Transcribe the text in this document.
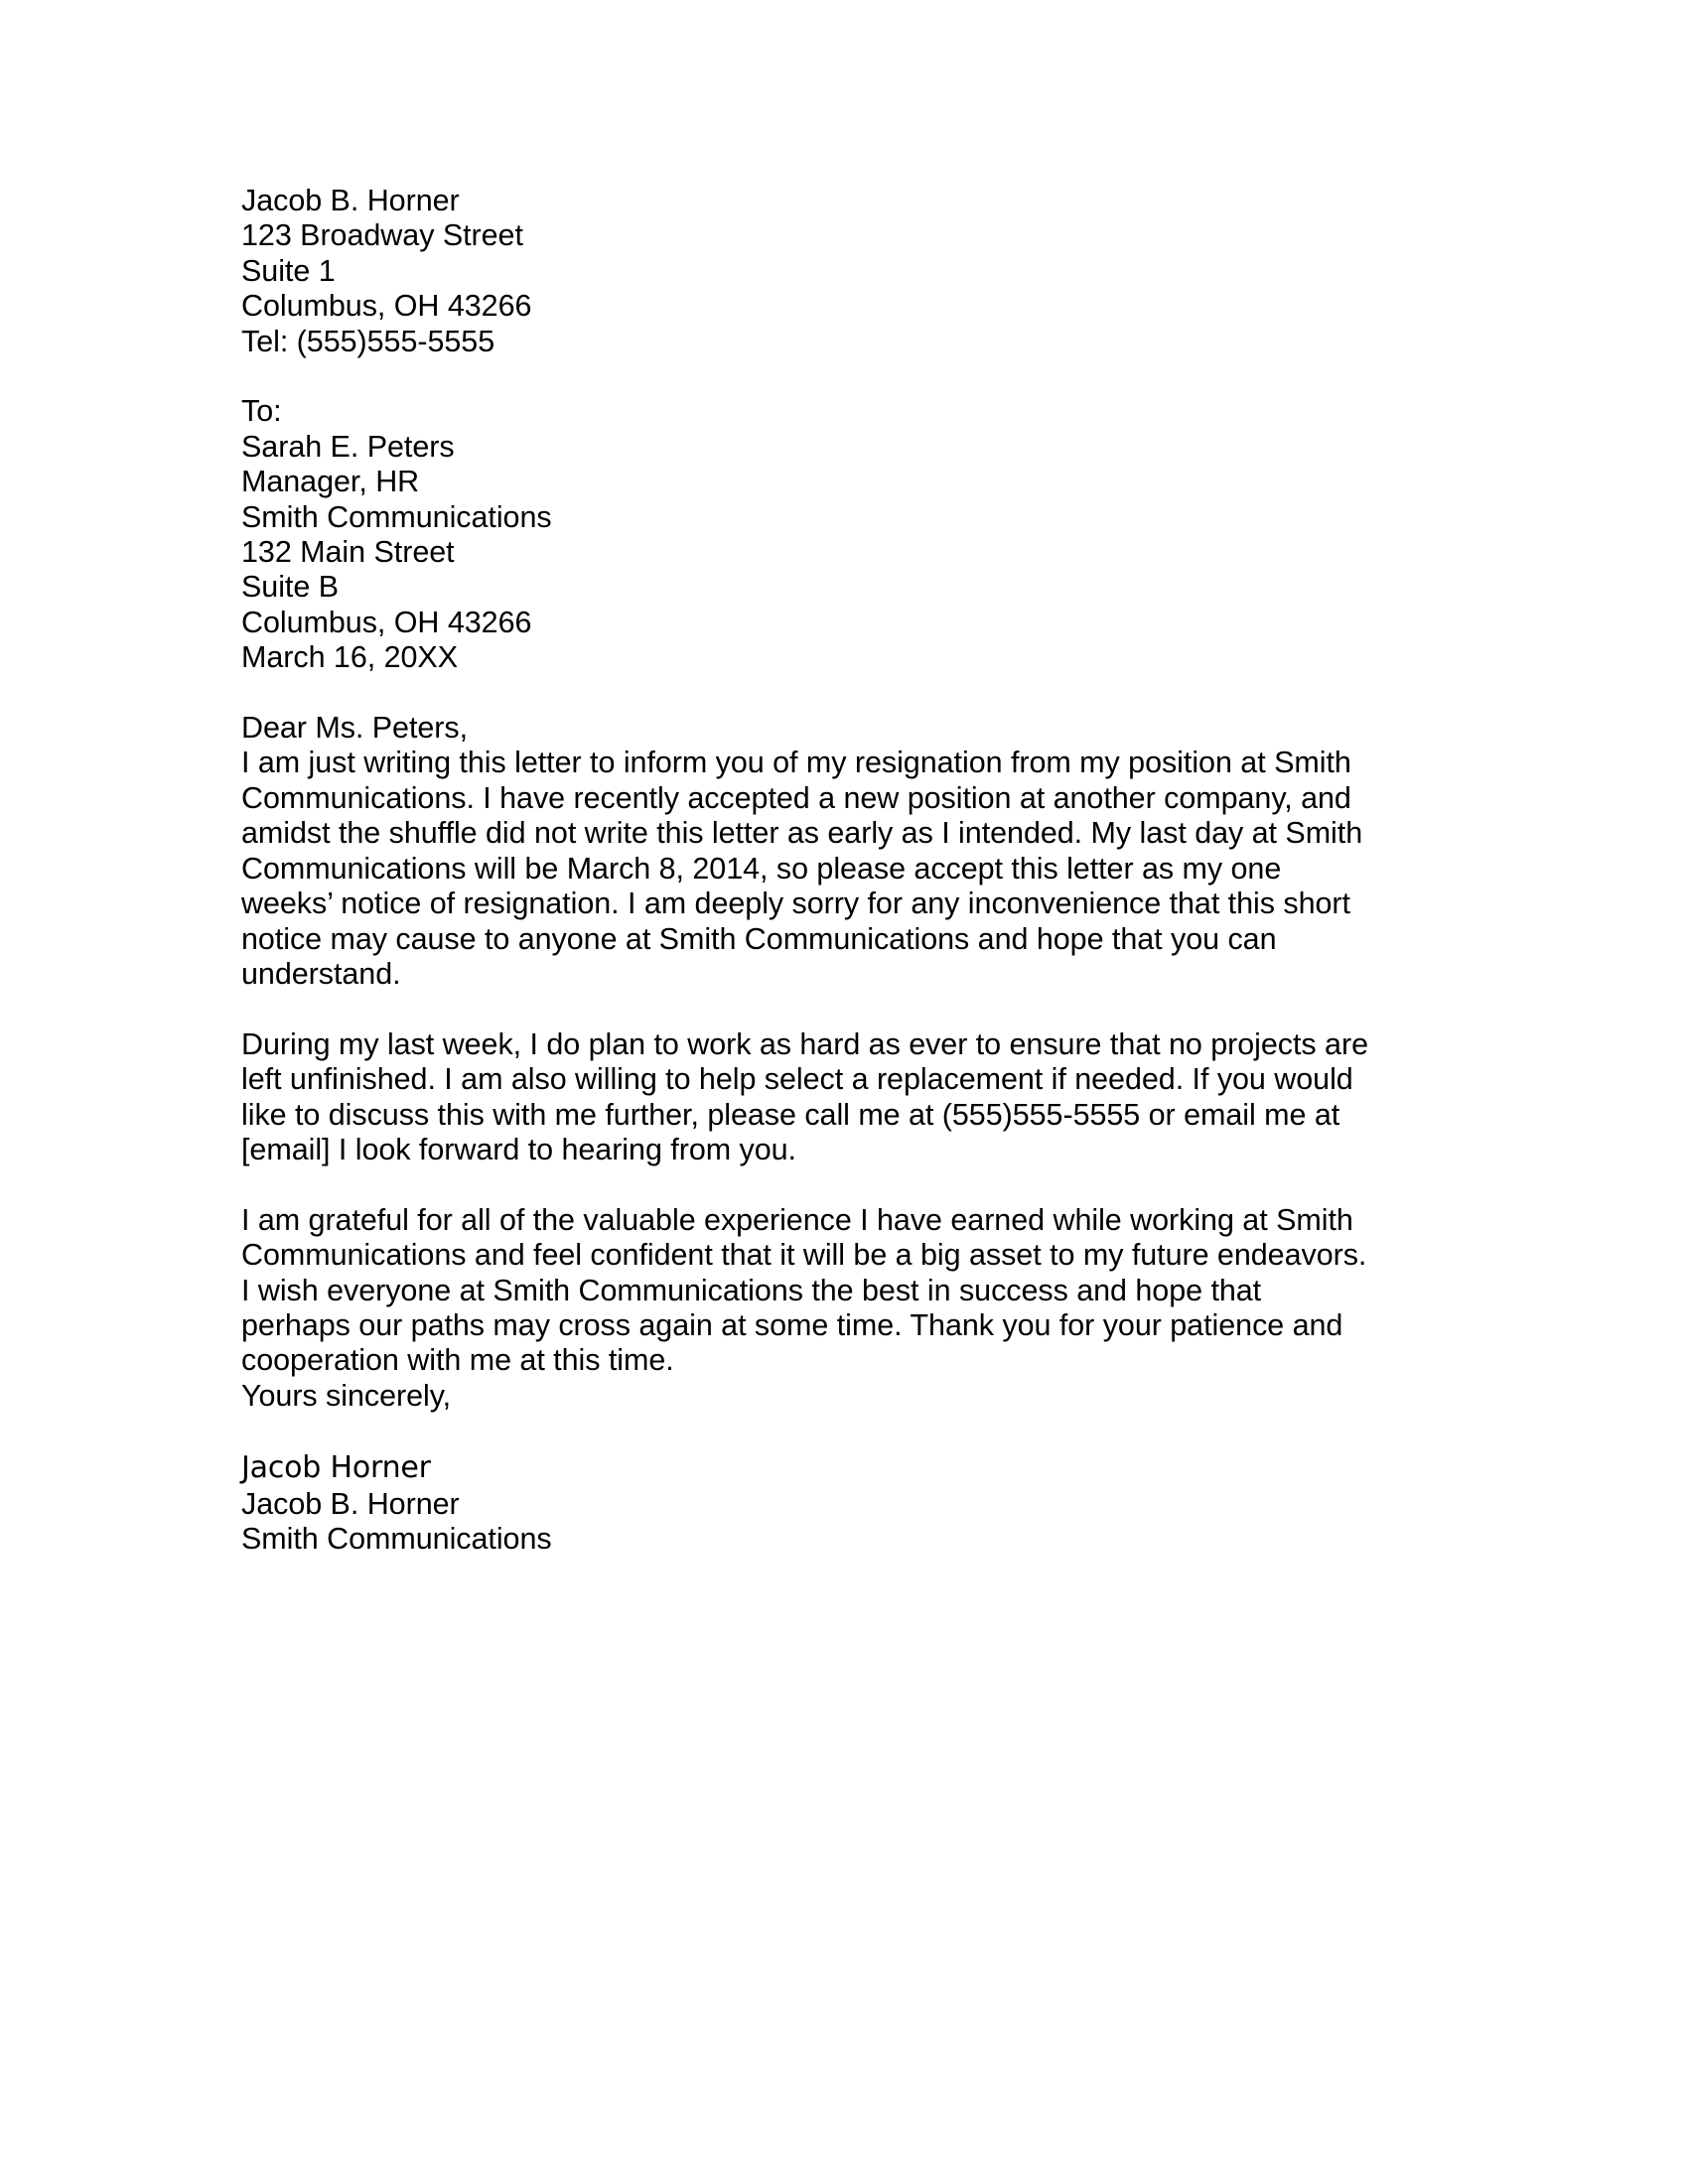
Jacob B. Horner
123 Broadway Street
Suite 1
Columbus, OH 43266
Tel: (555)555-5555
To:
Sarah E. Peters
Manager, HR
Smith Communications
132 Main Street
Suite B
Columbus, OH 43266
March 16, 20XX
Dear Ms. Peters,

I am just writing this letter to inform you of my resignation from my position at Smith Communications. I have recently accepted a new position at another company, and amidst the shuffle did not write this letter as early as I intended. My last day at Smith Communications will be March 8, 2014, so please accept this letter as my one weeks’ notice of resignation. I am deeply sorry for any inconvenience that this short notice may cause to anyone at Smith Communications and hope that you can understand.

During my last week, I do plan to work as hard as ever to ensure that no projects are left unfinished. I am also willing to help select a replacement if needed. If you would like to discuss this with me further, please call me at (555)555-5555 or email me at [email] I look forward to hearing from you.

I am grateful for all of the valuable experience I have earned while working at Smith Communications and feel confident that it will be a big asset to my future endeavors. I wish everyone at Smith Communications the best in success and hope that perhaps our paths may cross again at some time. Thank you for your patience and cooperation with me at this time.

Yours sincerely,
Jacob Horner
Jacob B. Horner
Smith Communications
